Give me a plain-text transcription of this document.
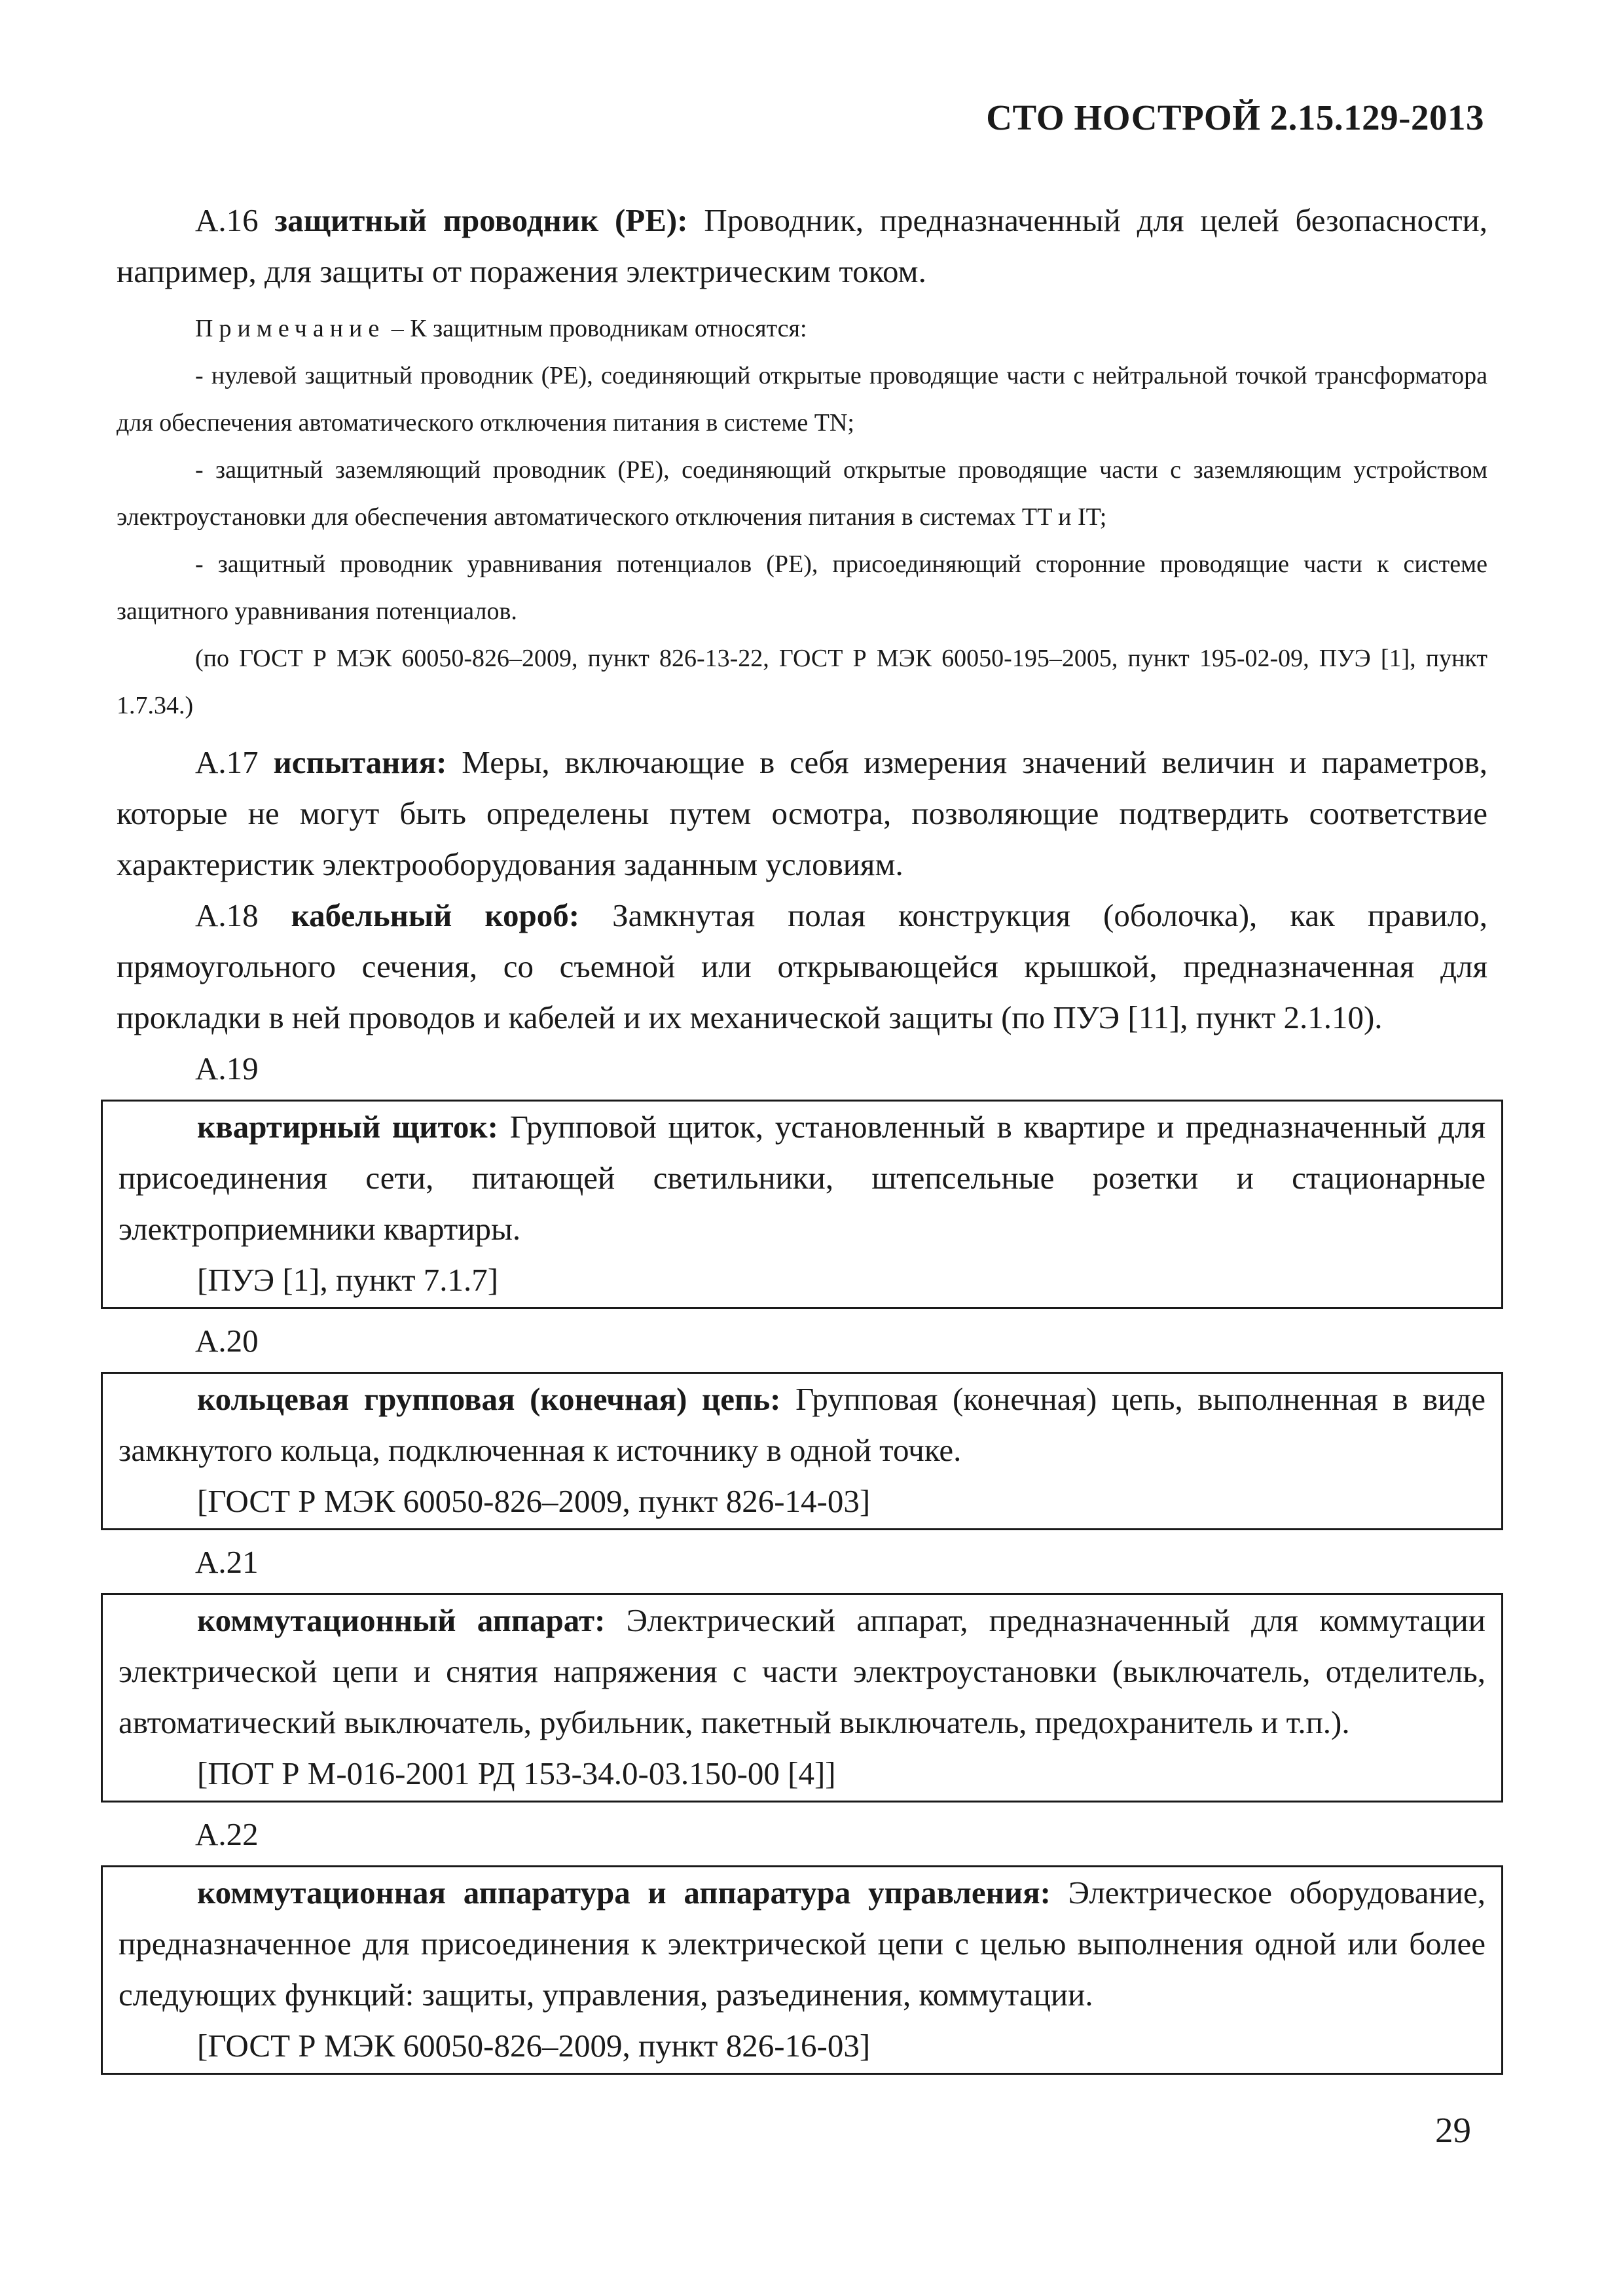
СТО НОСТРОЙ 2.15.129-2013

А.16 защитный проводник (PE): Проводник, предназначенный для целей безопасности, например, для защиты от поражения электрическим током.

Примечание – К защитным проводникам относятся:

- нулевой защитный проводник (PE), соединяющий открытые проводящие части с нейтральной точкой трансформатора для обеспечения автоматического отключения питания в системе TN;

- защитный заземляющий проводник (PE), соединяющий открытые проводящие части с заземляющим устройством электроустановки для обеспечения автоматического отключения питания в системах TT и IT;

- защитный проводник уравнивания потенциалов (PE), присоединяющий сторонние проводящие части к системе защитного уравнивания потенциалов.

(по ГОСТ Р МЭК 60050-826–2009, пункт 826-13-22, ГОСТ Р МЭК 60050-195–2005, пункт 195-02-09, ПУЭ [1], пункт 1.7.34.)

А.17 испытания: Меры, включающие в себя измерения значений величин и параметров, которые не могут быть определены путем осмотра, позволяющие подтвердить соответствие характеристик электрооборудования заданным условиям.

А.18 кабельный короб: Замкнутая полая конструкция (оболочка), как правило, прямоугольного сечения, со съемной или открывающейся крышкой, предназначенная для прокладки в ней проводов и кабелей и их механической защиты (по ПУЭ [11], пункт 2.1.10).

А.19

квартирный щиток: Групповой щиток, установленный в квартире и предназначенный для присоединения сети, питающей светильники, штепсельные розетки и стационарные электроприемники квартиры.

[ПУЭ [1], пункт 7.1.7]

А.20

кольцевая групповая (конечная) цепь: Групповая (конечная) цепь, выполненная в виде замкнутого кольца, подключенная к источнику в одной точке.

[ГОСТ Р МЭК 60050-826–2009, пункт 826-14-03]

А.21

коммутационный аппарат: Электрический аппарат, предназначенный для коммутации электрической цепи и снятия напряжения с части электроустановки (выключатель, отделитель, автоматический выключатель, рубильник, пакетный выключатель, предохранитель и т.п.).

[ПОТ Р М-016-2001 РД 153-34.0-03.150-00 [4]]

А.22

коммутационная аппаратура и аппаратура управления: Электрическое оборудование, предназначенное для присоединения к электрической цепи с целью выполнения одной или более следующих функций: защиты, управления, разъединения, коммутации.

[ГОСТ Р МЭК 60050-826–2009, пункт 826-16-03]

29
